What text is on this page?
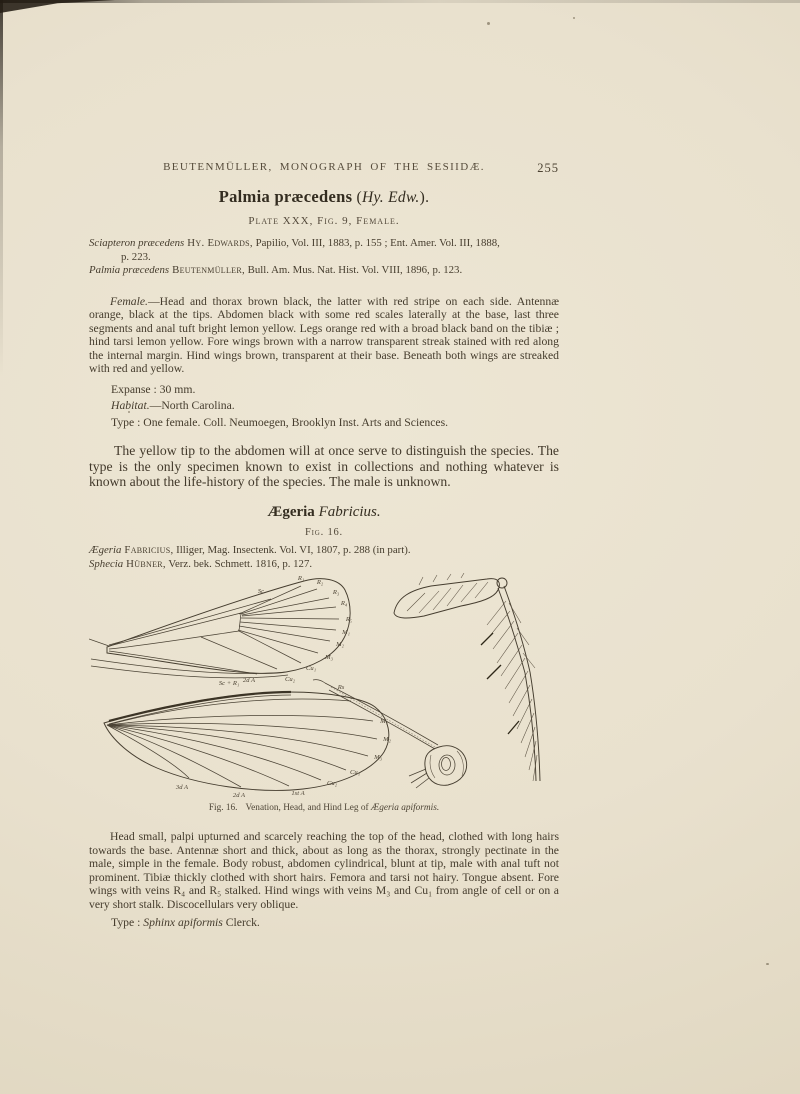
BEUTENMÜLLER, MONOGRAPH OF THE SESIIDÆ.	255
Palmia præcedens (Hy. Edw.).
Plate XXX, Fig. 9, Female.

Sciapteron præcedens Hy. Edwards, Papilio, Vol. III, 1883, p. 155 ; Ent. Amer. Vol. III, 1888,
p. 223.

Palmia præcedens Beutenmüller, Bull. Am. Mus. Nat. Hist. Vol. VIII, 1896, p. 123.

Female.—Head and thorax brown black, the latter with red stripe on each side. Antennæ orange, black at the tips. Abdomen black with some red scales laterally at the base, last three segments and anal tuft bright lemon yellow. Legs orange red with a broad black band on the tibiæ ; hind tarsi lemon yellow. Fore wings brown with a narrow transparent streak stained with red along the internal margin. Hind wings brown, transparent at their base. Beneath both wings are streaked with red and yellow.

Expanse : 30 mm.

Habitat.—North Carolina.

Type : One female. Coll. Neumoegen, Brooklyn Inst. Arts and Sciences.

The yellow tip to the abdomen will at once serve to distinguish the species. The type is the only specimen known to exist in collections and nothing whatever is known about the life-history of the species. The male is unknown.

Ægeria Fabricius.
Fig. 16.

Ægeria Fabricius, Illiger, Mag. Insectenk. Vol. VI, 1807, p. 288 (in part).

Sphecia Hübner, Verz. bek. Schmett. 1816, p. 127.

Sc
R₁
R₂
R₃
R₄
R₅
M₁
M₂
M₃
Cu₁
Cu₂
2d A
Sc + R₁
Rs
M₁
M₂
M₃
Cu₁
Cu₂
1st A
2d A
3d A
Fig. 16. Venation, Head, and Hind Leg of Ægeria apiformis.

Head small, palpi upturned and scarcely reaching the top of the head, clothed with long hairs towards the base. Antennæ short and thick, about as long as the thorax, strongly pectinate in the male, simple in the female. Body robust, abdomen cylindrical, blunt at tip, male with anal tuft not prominent. Tibiæ thickly clothed with short hairs. Femora and tarsi not hairy. Tongue absent. Fore wings with veins R₄ and R₅ stalked. Hind wings with veins M₃ and Cu₁ from angle of cell or on a very short stalk. Discocellulars very oblique.

Type : Sphinx apiformis Clerck.
